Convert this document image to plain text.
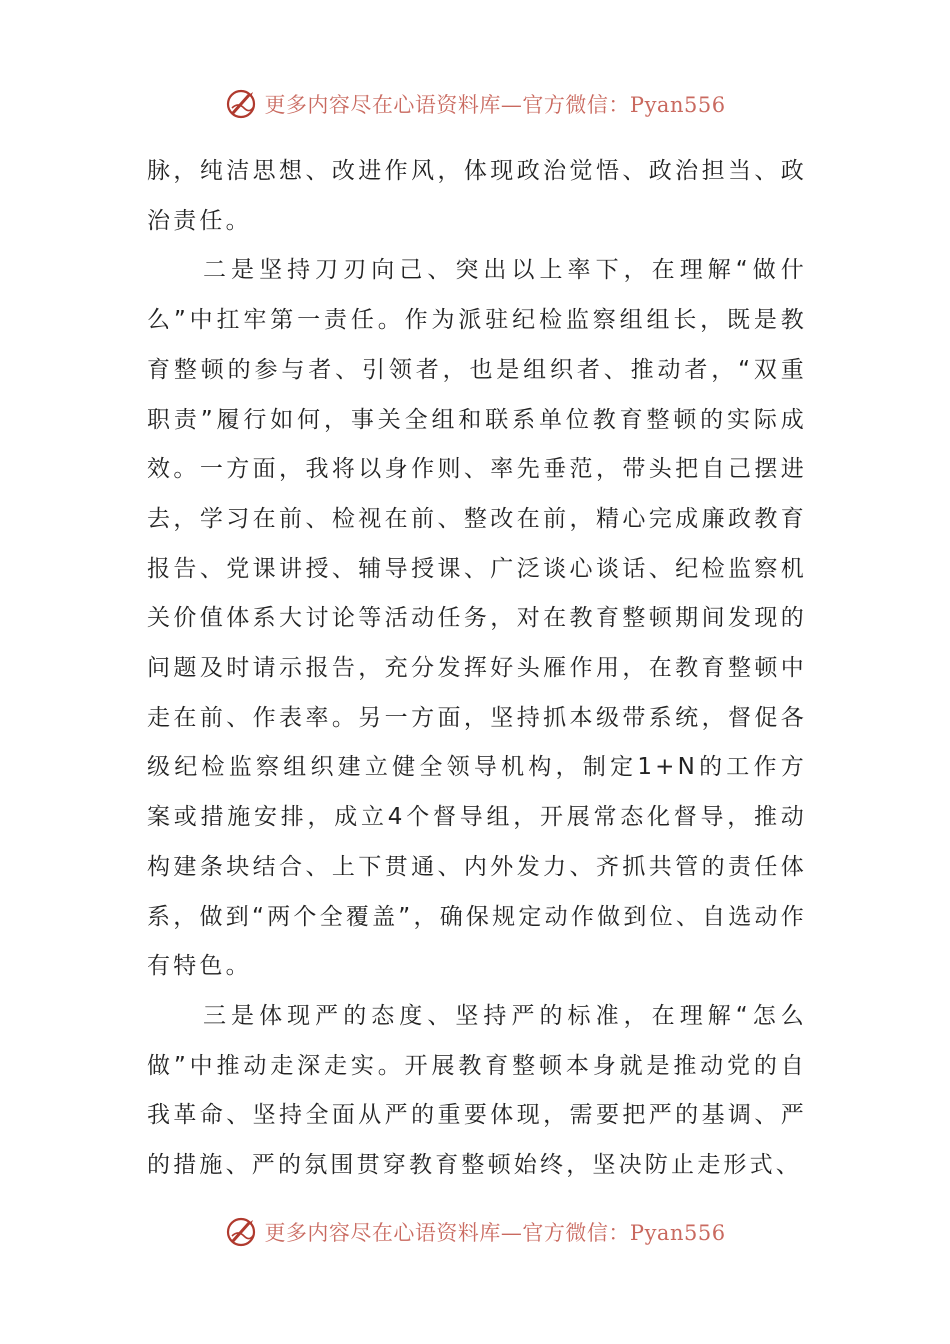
更多内容尽在心语资料库—官方微信：Pyan556

脉，纯洁思想、改进作风，体现政治觉悟、政治担当、政治责任。

二是坚持刀刃向己、突出以上率下，在理解“做什么”中扛牢第一责任。作为派驻纪检监察组组长，既是教育整顿的参与者、引领者，也是组织者、推动者，“双重职责”履行如何，事关全组和联系单位教育整顿的实际成效。一方面，我将以身作则、率先垂范，带头把自己摆进去，学习在前、检视在前、整改在前，精心完成廉政教育报告、党课讲授、辅导授课、广泛谈心谈话、纪检监察机关价值体系大讨论等活动任务，对在教育整顿期间发现的问题及时请示报告，充分发挥好头雁作用，在教育整顿中走在前、作表率。另一方面，坚持抓本级带系统，督促各级纪检监察组织建立健全领导机构，制定1+N的工作方案或措施安排，成立4个督导组，开展常态化督导，推动构建条块结合、上下贯通、内外发力、齐抓共管的责任体系，做到“两个全覆盖”，确保规定动作做到位、自选动作有特色。

三是体现严的态度、坚持严的标准，在理解“怎么做”中推动走深走实。开展教育整顿本身就是推动党的自我革命、坚持全面从严的重要体现，需要把严的基调、严的措施、严的氛围贯穿教育整顿始终，坚决防止走形式、

更多内容尽在心语资料库—官方微信：Pyan556
